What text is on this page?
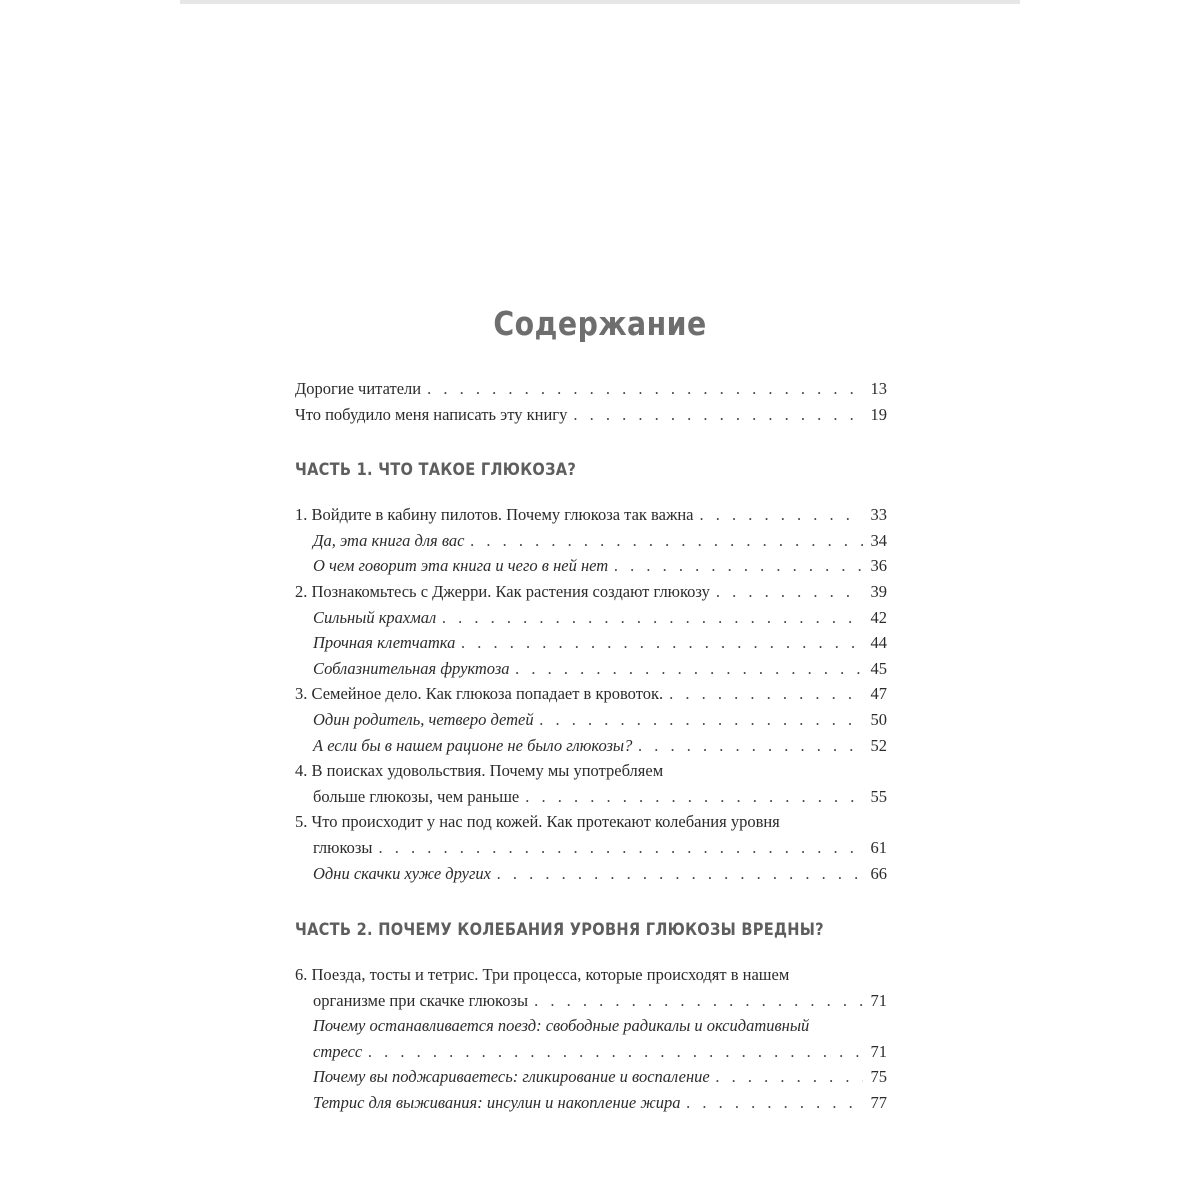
Содержание
Дорогие читатели . . .	13
Что побудило меня написать эту книгу . . .	19
ЧАСТЬ 1. ЧТО ТАКОЕ ГЛЮКОЗА?
1. Войдите в кабину пилотов. Почему глюкоза так важна . . .	33
Да, эта книга для вас . . .	34
О чем говорит эта книга и чего в ней нет . . .	36
2. Познакомьтесь с Джерри. Как растения создают глюкозу . . .	39
Сильный крахмал . . .	42
Прочная клетчатка . . .	44
Соблазнительная фруктоза . . .	45
3. Семейное дело. Как глюкоза попадает в кровоток. . . .	47
Один родитель, четверо детей . . .	50
А если бы в нашем рационе не было глюкозы? . . .	52
4. В поисках удовольствия. Почему мы употребляем
больше глюкозы, чем раньше . . .	55
5. Что происходит у нас под кожей. Как протекают колебания уровня
глюкозы . . .	61
Одни скачки хуже других . . .	66
ЧАСТЬ 2. ПОЧЕМУ КОЛЕБАНИЯ УРОВНЯ ГЛЮКОЗЫ ВРЕДНЫ?
6. Поезда, тосты и тетрис. Три процесса, которые происходят в нашем
организме при скачке глюкозы . . .	71
Почему останавливается поезд: свободные радикалы и оксидативный
стресс . . .	71
Почему вы поджариваетесь: гликирование и воспаление . . .	75
Тетрис для выживания: инсулин и накопление жира . . .	77
